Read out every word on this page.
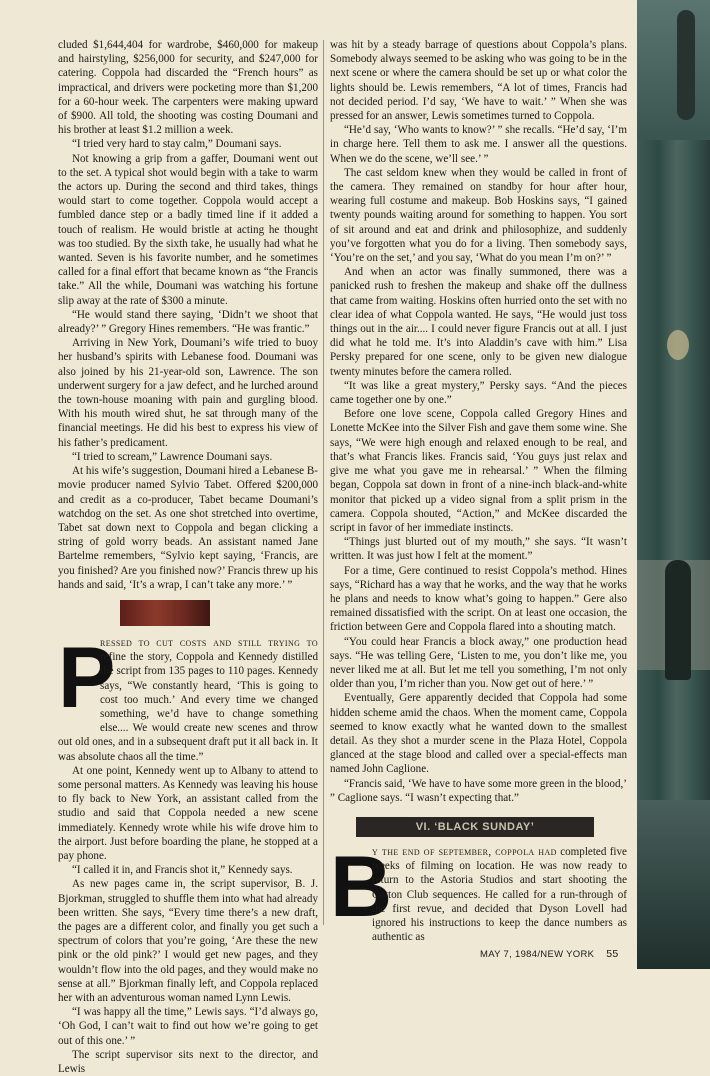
cluded $1,644,404 for wardrobe, $460,000 for makeup and hairstyling, $256,000 for security, and $247,000 for catering. Coppola had discarded the “French hours” as impractical, and drivers were pocketing more than $1,200 for a 60-hour week. The carpenters were making upward of $900. All told, the shooting was costing Doumani and his brother at least $1.2 million a week.

“I tried very hard to stay calm,” Doumani says.

Not knowing a grip from a gaffer, Doumani went out to the set. A typical shot would begin with a take to warm the actors up. During the second and third takes, things would start to come together. Coppola would accept a fumbled dance step or a badly timed line if it added a touch of realism. He would bristle at acting he thought was too studied. By the sixth take, he usually had what he wanted. Seven is his favorite number, and he sometimes called for a final effort that became known as “the Francis take.” All the while, Doumani was watching his fortune slip away at the rate of $300 a minute.

“He would stand there saying, ‘Didn’t we shoot that already?’ ” Gregory Hines remembers. “He was frantic.”

Arriving in New York, Doumani’s wife tried to buoy her husband’s spirits with Lebanese food. Doumani was also joined by his 21-year-old son, Lawrence. The son underwent surgery for a jaw defect, and he lurched around the town-house moaning with pain and gurgling blood. With his mouth wired shut, he sat through many of the financial meetings. He did his best to express his view of his father’s predicament.

“I tried to scream,” Lawrence Doumani says.

At his wife’s suggestion, Doumani hired a Lebanese B-movie producer named Sylvio Tabet. Offered $200,000 and credit as a co-producer, Tabet became Doumani’s watchdog on the set. As one shot stretched into overtime, Tabet sat down next to Coppola and began clicking a string of gold worry beads. An assistant named Jane Bartelme remembers, “Sylvio kept saying, ‘Francis, are you finished? Are you finished now?’ Francis threw up his hands and said, ‘It’s a wrap, I can’t take any more.’ ”

P

ressed to cut costs and still trying to refine the story, Coppola and Kennedy distilled the script from 135 pages to 110 pages. Kennedy says, “We constantly heard, ‘This is going to cost too much.’ And every time we changed something, we’d have to change something else.... We would create new scenes and throw out old ones, and in a subsequent draft put it all back in. It was absolute chaos all the time.”

At one point, Kennedy went up to Albany to attend to some personal matters. As Kennedy was leaving his house to fly back to New York, an assistant called from the studio and said that Coppola needed a new scene immediately. Kennedy wrote while his wife drove him to the airport. Just before boarding the plane, he stopped at a pay phone.

“I called it in, and Francis shot it,” Kennedy says.

As new pages came in, the script supervisor, B. J. Bjorkman, struggled to shuffle them into what had already been written. She says, “Every time there’s a new draft, the pages are a different color, and finally you get such a spectrum of colors that you’re going, ‘Are these the new pink or the old pink?’ I would get new pages, and they wouldn’t flow into the old pages, and they would make no sense at all.” Bjorkman finally left, and Coppola replaced her with an adventurous woman named Lynn Lewis.

“I was happy all the time,” Lewis says. “I’d always go, ‘Oh God, I can’t wait to find out how we’re going to get out of this one.’ ”

The script supervisor sits next to the director, and Lewis

was hit by a steady barrage of questions about Coppola’s plans. Somebody always seemed to be asking who was going to be in the next scene or where the camera should be set up or what color the lights should be. Lewis remembers, “A lot of times, Francis had not decided period. I’d say, ‘We have to wait.’ ” When she was pressed for an answer, Lewis sometimes turned to Coppola.

“He’d say, ‘Who wants to know?’ ” she recalls. “He’d say, ‘I’m in charge here. Tell them to ask me. I answer all the questions. When we do the scene, we’ll see.’ ”

The cast seldom knew when they would be called in front of the camera. They remained on standby for hour after hour, wearing full costume and makeup. Bob Hoskins says, “I gained twenty pounds waiting around for something to happen. You sort of sit around and eat and drink and philosophize, and suddenly you’ve forgotten what you do for a living. Then somebody says, ‘You’re on the set,’ and you say, ‘What do you mean I’m on?’ ”

And when an actor was finally summoned, there was a panicked rush to freshen the makeup and shake off the dullness that came from waiting. Hoskins often hurried onto the set with no clear idea of what Coppola wanted. He says, “He would just toss things out in the air.... I could never figure Francis out at all. I just did what he told me. It’s into Aladdin’s cave with him.” Lisa Persky prepared for one scene, only to be given new dialogue twenty minutes before the camera rolled.

“It was like a great mystery,” Persky says. “And the pieces came together one by one.”

Before one love scene, Coppola called Gregory Hines and Lonette McKee into the Silver Fish and gave them some wine. She says, “We were high enough and relaxed enough to be real, and that’s what Francis likes. Francis said, ‘You guys just relax and give me what you gave me in rehearsal.’ ” When the filming began, Coppola sat down in front of a nine-inch black-and-white monitor that picked up a video signal from a split prism in the camera. Coppola shouted, “Action,” and McKee discarded the script in favor of her immediate instincts.

“Things just blurted out of my mouth,” she says. “It wasn’t written. It was just how I felt at the moment.”

For a time, Gere continued to resist Coppola’s method. Hines says, “Richard has a way that he works, and the way that he works he plans and needs to know what’s going to happen.” Gere also remained dissatisfied with the script. On at least one occasion, the friction between Gere and Coppola flared into a shouting match.

“You could hear Francis a block away,” one production head says. “He was telling Gere, ‘Listen to me, you don’t like me, you never liked me at all. But let me tell you something, I’m not only older than you, I’m richer than you. Now get out of here.’ ”

Eventually, Gere apparently decided that Coppola had some hidden scheme amid the chaos. When the moment came, Coppola seemed to know exactly what he wanted down to the smallest detail. As they shot a murder scene in the Plaza Hotel, Coppola glanced at the stage blood and called over a special-effects man named John Caglione.

“Francis said, ‘We have to have some more green in the blood,’ ” Caglione says. “I wasn’t expecting that.”

VI. ‘BLACK SUNDAY’
B

y the end of september, coppola had completed five weeks of filming on location. He was now ready to return to the Astoria Studios and start shooting the Cotton Club sequences. He called for a run-through of the first revue, and decided that Dyson Lovell had ignored his instructions to keep the dance numbers as authentic as

MAY 7, 1984/NEW YORK 55
